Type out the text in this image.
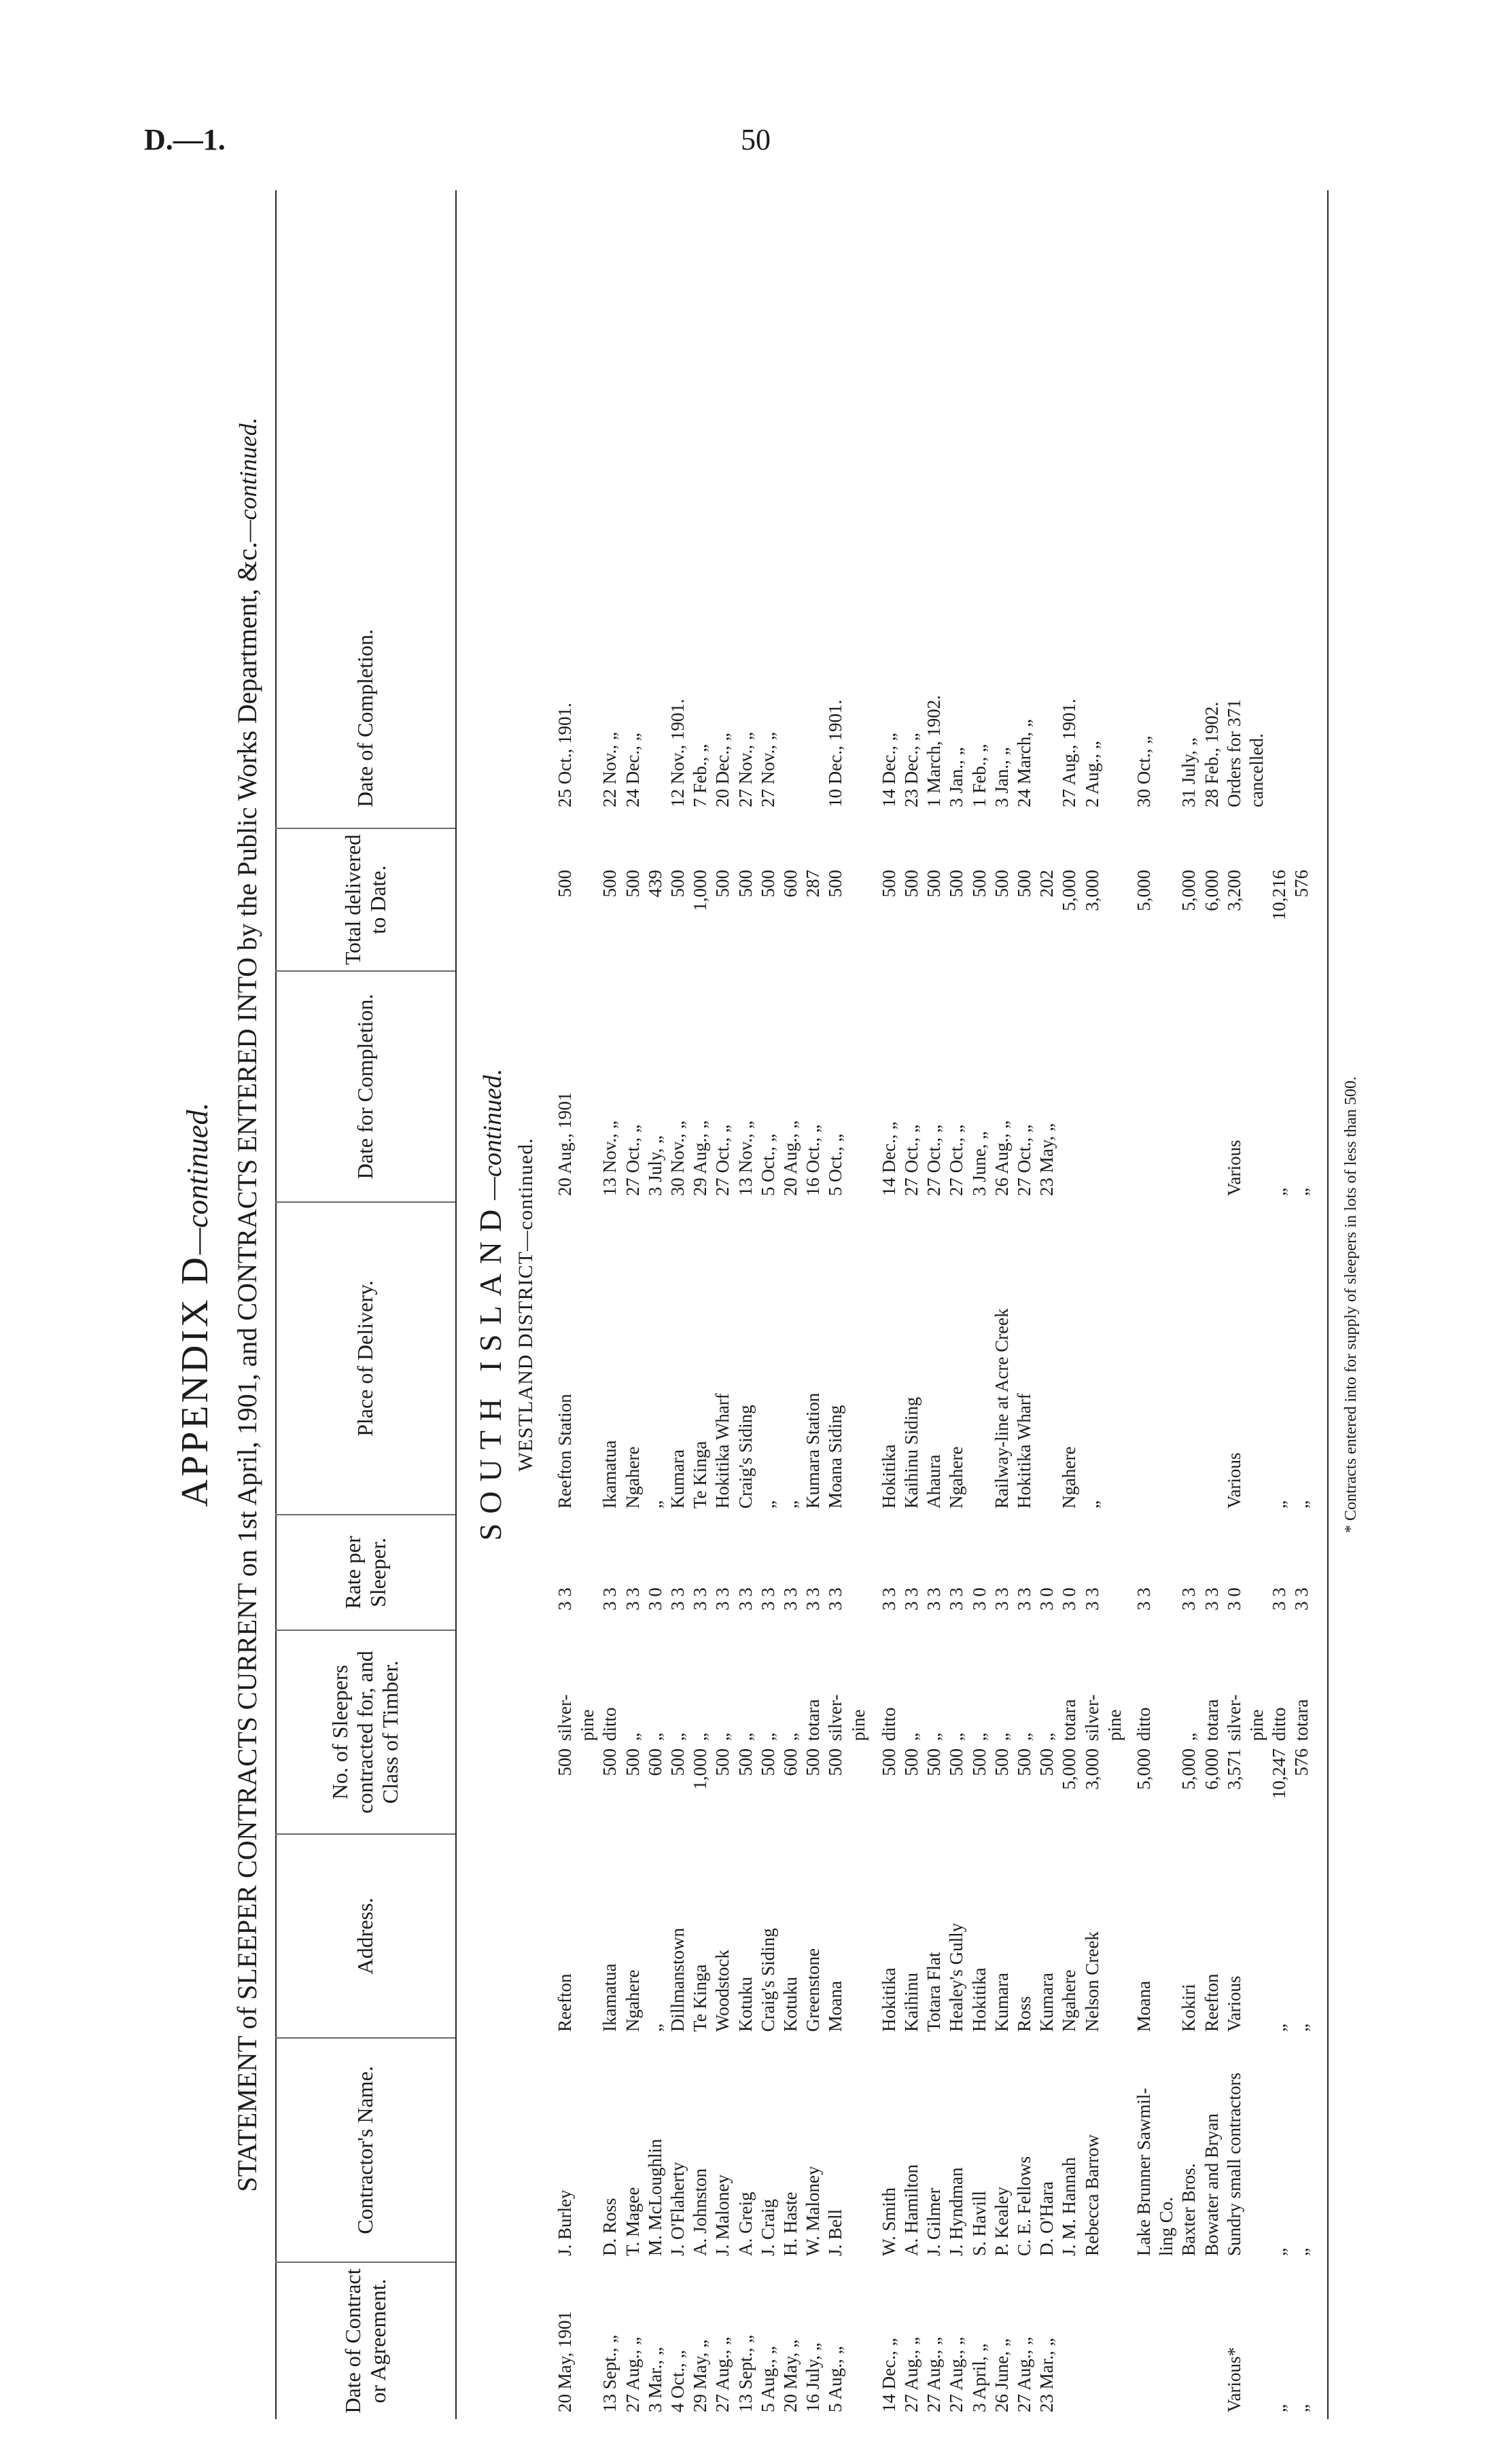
D.—1.	50
APPENDIX D—continued. STATEMENT of SLEEPER CONTRACTS CURRENT on 1st April, 1901, and CONTRACTS ENTERED INTO by the Public Works Department, &c.—continued.
Date of Contract or Agreement.
Contractor's Name.
Address.
No. of Sleepers contracted for, and Class of Timber.
Rate per Sleeper.
Place of Delivery.
Date for Completion.
Total delivered to Date.
Date of Completion.
SOUTH ISLAND—continued.
WESTLAND DISTRICT—continued.
20 May, 1901
J. Burley
Reefton
500
silver-
3 3
Reefton Station
20 Aug., 1901
500
25 Oct., 1901.
pine
13 Sept., „
D. Ross
Ikamatua
500
ditto
3 3
Ikamatua
13 Nov., „
500
22 Nov., „
27 Aug., „
T. Magee
Ngahere
500
„
3 3
Ngahere
27 Oct., „
500
24 Dec., „
3 Mar., „
M. McLoughlin
„
600
„
3 0
„
3 July, „
439
4 Oct., „
J. O'Flaherty
Dillmanstown
500
„
3 3
Kumara
30 Nov., „
500
12 Nov., 1901.
29 May, „
A. Johnston
Te Kinga
1,000
„
3 3
Te Kinga
29 Aug., „
1,000
7 Feb., „
27 Aug., „
J. Maloney
Woodstock
500
„
3 3
Hokitika Wharf
27 Oct., „
500
20 Dec., „
13 Sept., „
A. Greig
Kotuku
500
„
3 3
Craig's Siding
13 Nov., „
500
27 Nov., „
5 Aug., „
J. Craig
Craig's Siding
500
„
3 3
„
5 Oct., „
500
27 Nov., „
20 May, „
H. Haste
Kotuku
600
„
3 3
„
20 Aug., „
600
16 July, „
W. Maloney
Greenstone
500
totara
3 3
Kumara Station
16 Oct., „
287
5 Aug., „
J. Bell
Moana
500
silver-
3 3
Moana Siding
5 Oct., „
500
10 Dec., 1901.
pine
14 Dec., „
W. Smith
Hokitika
500
ditto
3 3
Hokitika
14 Dec., „
500
14 Dec., „
27 Aug., „
A. Hamilton
Kaihinu
500
„
3 3
Kaihinu Siding
27 Oct., „
500
23 Dec., „
27 Aug., „
J. Gilmer
Totara Flat
500
„
3 3
Ahaura
27 Oct., „
500
1 March, 1902.
27 Aug., „
J. Hyndman
Healey's Gully
500
„
3 3
Ngahere
27 Oct., „
500
3 Jan., „
3 April, „
S. Havill
Hokitika
500
„
3 0
3 June, „
500
1 Feb., „
26 June, „
P. Kealey
Kumara
500
„
3 3
Railway-line at Acre Creek
26 Aug., „
500
3 Jan., „
27 Aug., „
C. E. Fellows
Ross
500
„
3 3
Hokitika Wharf
27 Oct., „
500
24 March, „
23 Mar., „
D. O'Hara
Kumara
500
„
3 0
23 May, „
202
J. M. Hannah
Ngahere
5,000
totara
3 0
Ngahere
5,000
27 Aug., 1901.
Rebecca Barrow
Nelson Creek
3,000
silver-
3 3
„
3,000
2 Aug., „
pine
Lake Brunner Sawmil-
Moana
5,000
ditto
3 3
5,000
30 Oct., „
ling Co. Baxter Bros.
Kokiri
5,000
„
3 3
5,000
31 July, „
Bowater and Bryan
Reefton
6,000
totara
3 3
6,000
28 Feb., 1902.
Various*
Sundry small contractors
Various
3,571
silver-
3 0
Various
Various
3,200
Orders for 371
pine
cancelled.
„
„
„
10,247
ditto
3 3
„
„
10,216
„
„
„
576
totara
3 3
„
„
576
* Contracts entered into for supply of sleepers in lots of less than 500.
